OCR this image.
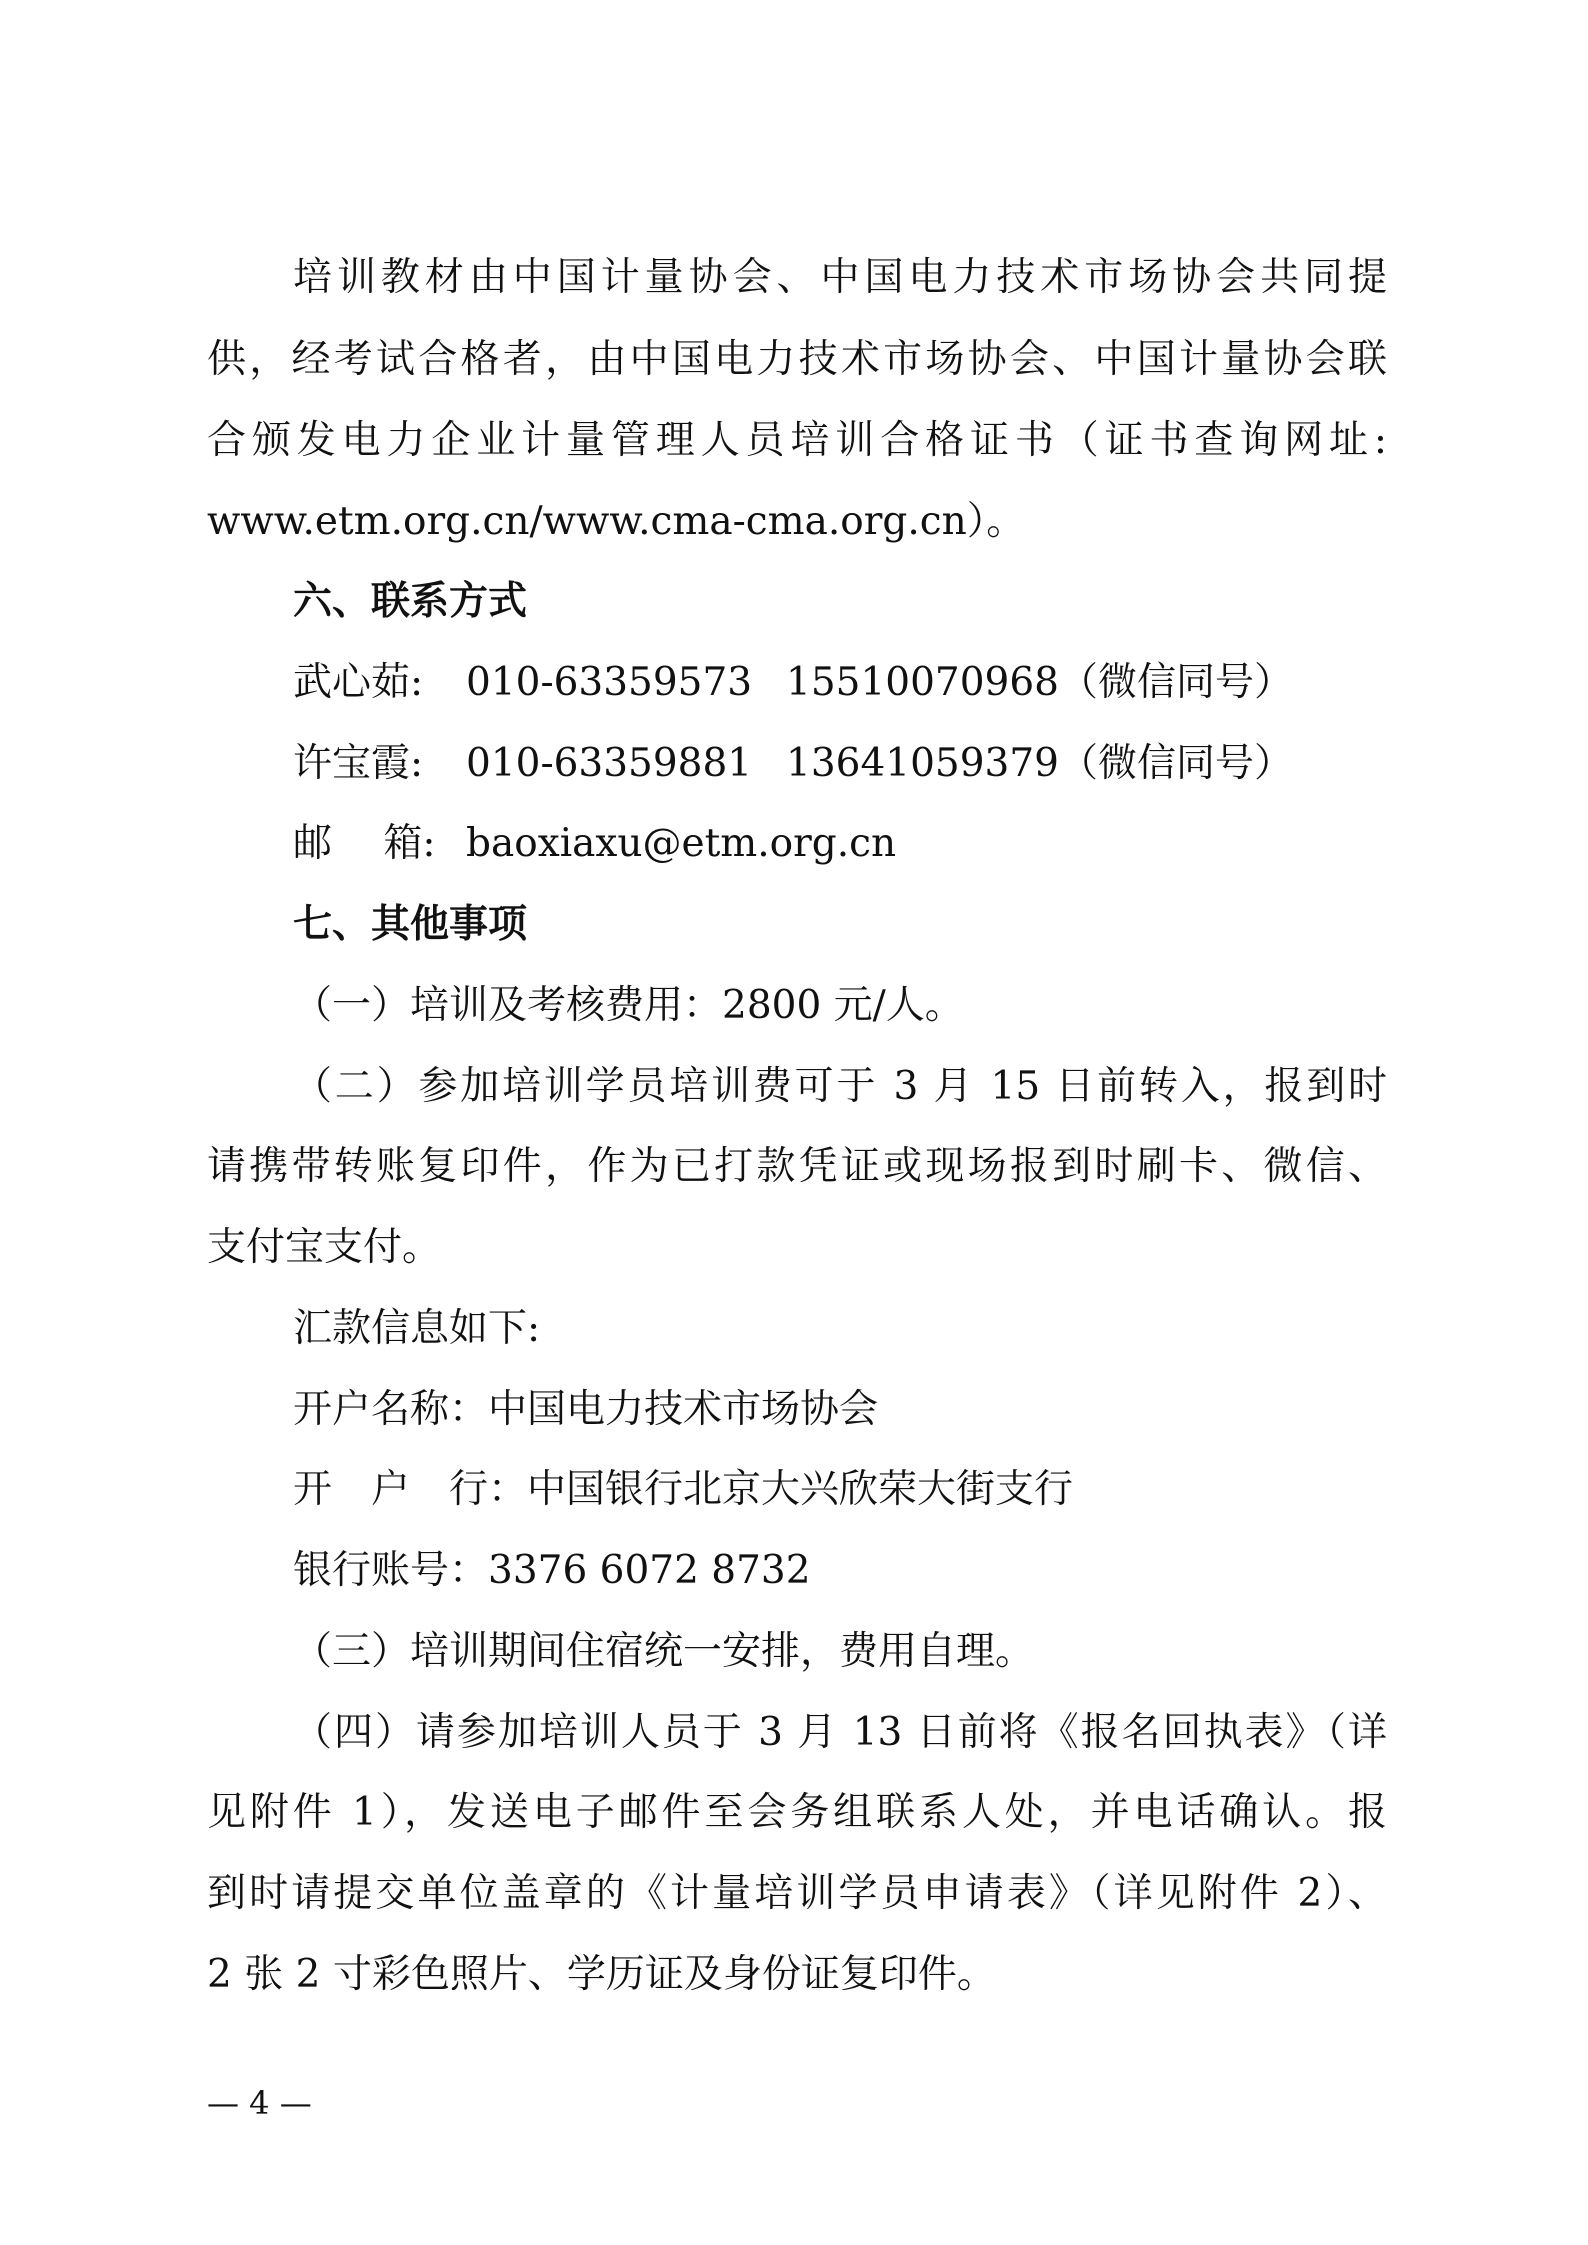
培训教材由中国计量协会、中国电力技术市场协会共同提
供，经考试合格者，由中国电力技术市场协会、中国计量协会联
合颁发电力企业计量管理人员培训合格证书（证书查询网址:
www.etm.org.cn/www.cma-cma.org.cn）。
六、联系方式
武心茹:	010-63359573 15510070968（微信同号）
许宝霞:	010-63359881 13641059379（微信同号）
邮　 箱: baoxiaxu@etm.org.cn
七、其他事项
（一）培训及考核费用：2800 元/人。
（二）参加培训学员培训费可于 3 月 15 日前转入，报到时
请携带转账复印件，作为已打款凭证或现场报到时刷卡、微信、
支付宝支付。
汇款信息如下:
开户名称：中国电力技术市场协会
开　户　行：中国银行北京大兴欣荣大街支行
银行账号：3376 6072 8732
（三）培训期间住宿统一安排，费用自理。
（四）请参加培训人员于 3 月 13 日前将《报名回执表》（详
见附件 1），发送电子邮件至会务组联系人处，并电话确认。报
到时请提交单位盖章的《计量培训学员申请表》（详见附件 2）、
2 张 2 寸彩色照片、学历证及身份证复印件。
— 4 —
